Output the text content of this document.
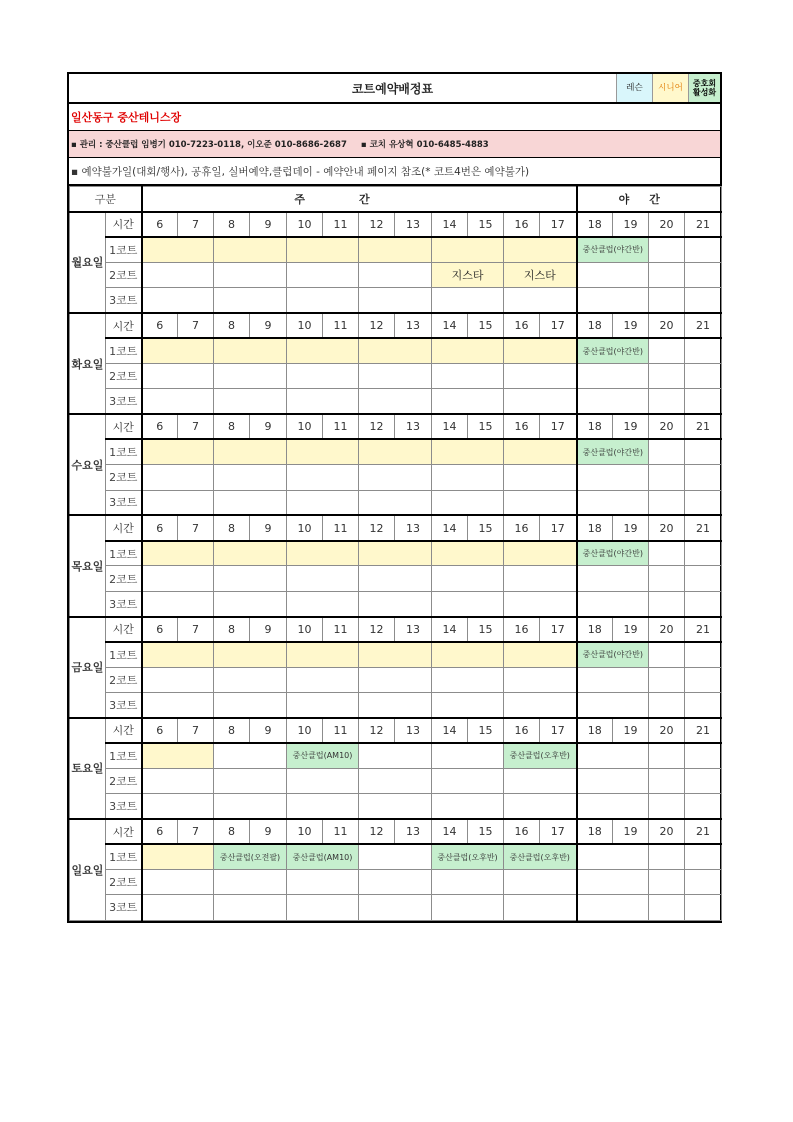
코트예약배정표	레슨	시니어	중호회
활성화
일산동구 중산테니스장
▪ 관리 : 중산클럽 임병기 010-7223-0118, 이오준 010-8686-2687 ▪ 코치 유상혁 010-6485-4883
▪ 예약불가일(대회/행사), 공휴일, 실버예약,클럽데이 - 예약안내 페이지 참조(* 코트4번은 예약불가)
구분		주간												야간			
월요일	시간	6	7	8	9	10	11	12	13	14	15	16	17	18	19	20	21
	1코트													중산클럽(야간반)			
	2코트									지스타		지스타					
	3코트																
화요일	시간	6	7	8	9	10	11	12	13	14	15	16	17	18	19	20	21
	1코트													중산클럽(야간반)			
	2코트																
	3코트																
수요일	시간	6	7	8	9	10	11	12	13	14	15	16	17	18	19	20	21
	1코트													중산클럽(야간반)			
	2코트																
	3코트																
목요일	시간	6	7	8	9	10	11	12	13	14	15	16	17	18	19	20	21
	1코트													중산클럽(야간반)			
	2코트																
	3코트																
금요일	시간	6	7	8	9	10	11	12	13	14	15	16	17	18	19	20	21
	1코트													중산클럽(야간반)			
	2코트																
	3코트																
토요일	시간	6	7	8	9	10	11	12	13	14	15	16	17	18	19	20	21
	1코트					중산클럽(AM10)						중산클럽(오후반)					
	2코트																
	3코트																
일요일	시간	6	7	8	9	10	11	12	13	14	15	16	17	18	19	20	21
	1코트			중산클럽(오전팔)		중산클럽(AM10)				중산클럽(오후반)		중산클럽(오후반)					
	2코트																
	3코트																
